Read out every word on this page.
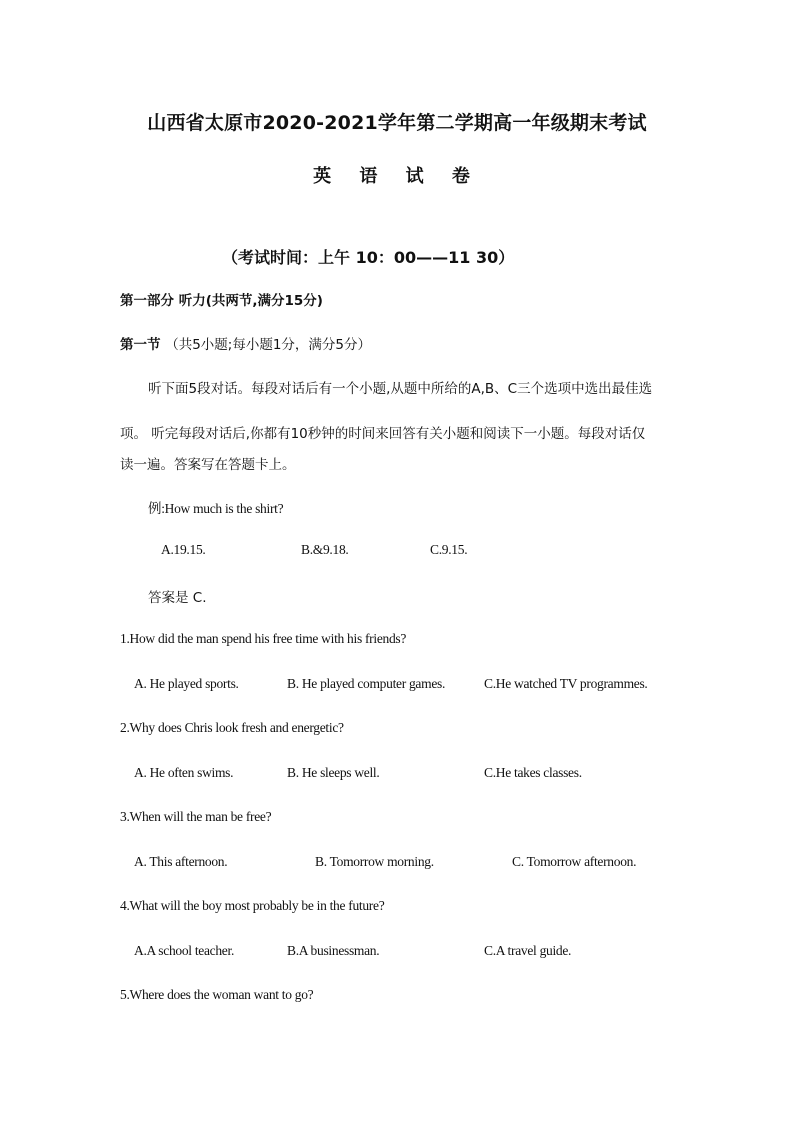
山西省太原市2020-2021学年第二学期高一年级期末考试
英 语 试 卷
（考试时间：上午 10：00——11 30）
第一部分 听力(共两节,满分15分)
第一节 （共5小题;每小题1分，满分5分）
听下面5段对话。每段对话后有一个小题,从题中所给的A,B、C三个选项中选出最佳选
项。 听完每段对话后,你都有10秒钟的时间来回答有关小题和阅读下一小题。每段对话仅
读一遍。答案写在答题卡上。
例:How much is the shirt?
A.19.15.	B.&9.18.	C.9.15.
答案是 C.
1.How did the man spend his free time with his friends?
A. He played sports.	B. He played computer games.	C.He watched TV programmes.
2.Why does Chris look fresh and energetic?
A. He often swims.	B. He sleeps well.	C.He takes classes.
3.When will the man be free?
A. This afternoon.	B. Tomorrow morning.	C. Tomorrow afternoon.
4.What will the boy most probably be in the future?
A.A school teacher.	B.A businessman.	C.A travel guide.
5.Where does the woman want to go?
